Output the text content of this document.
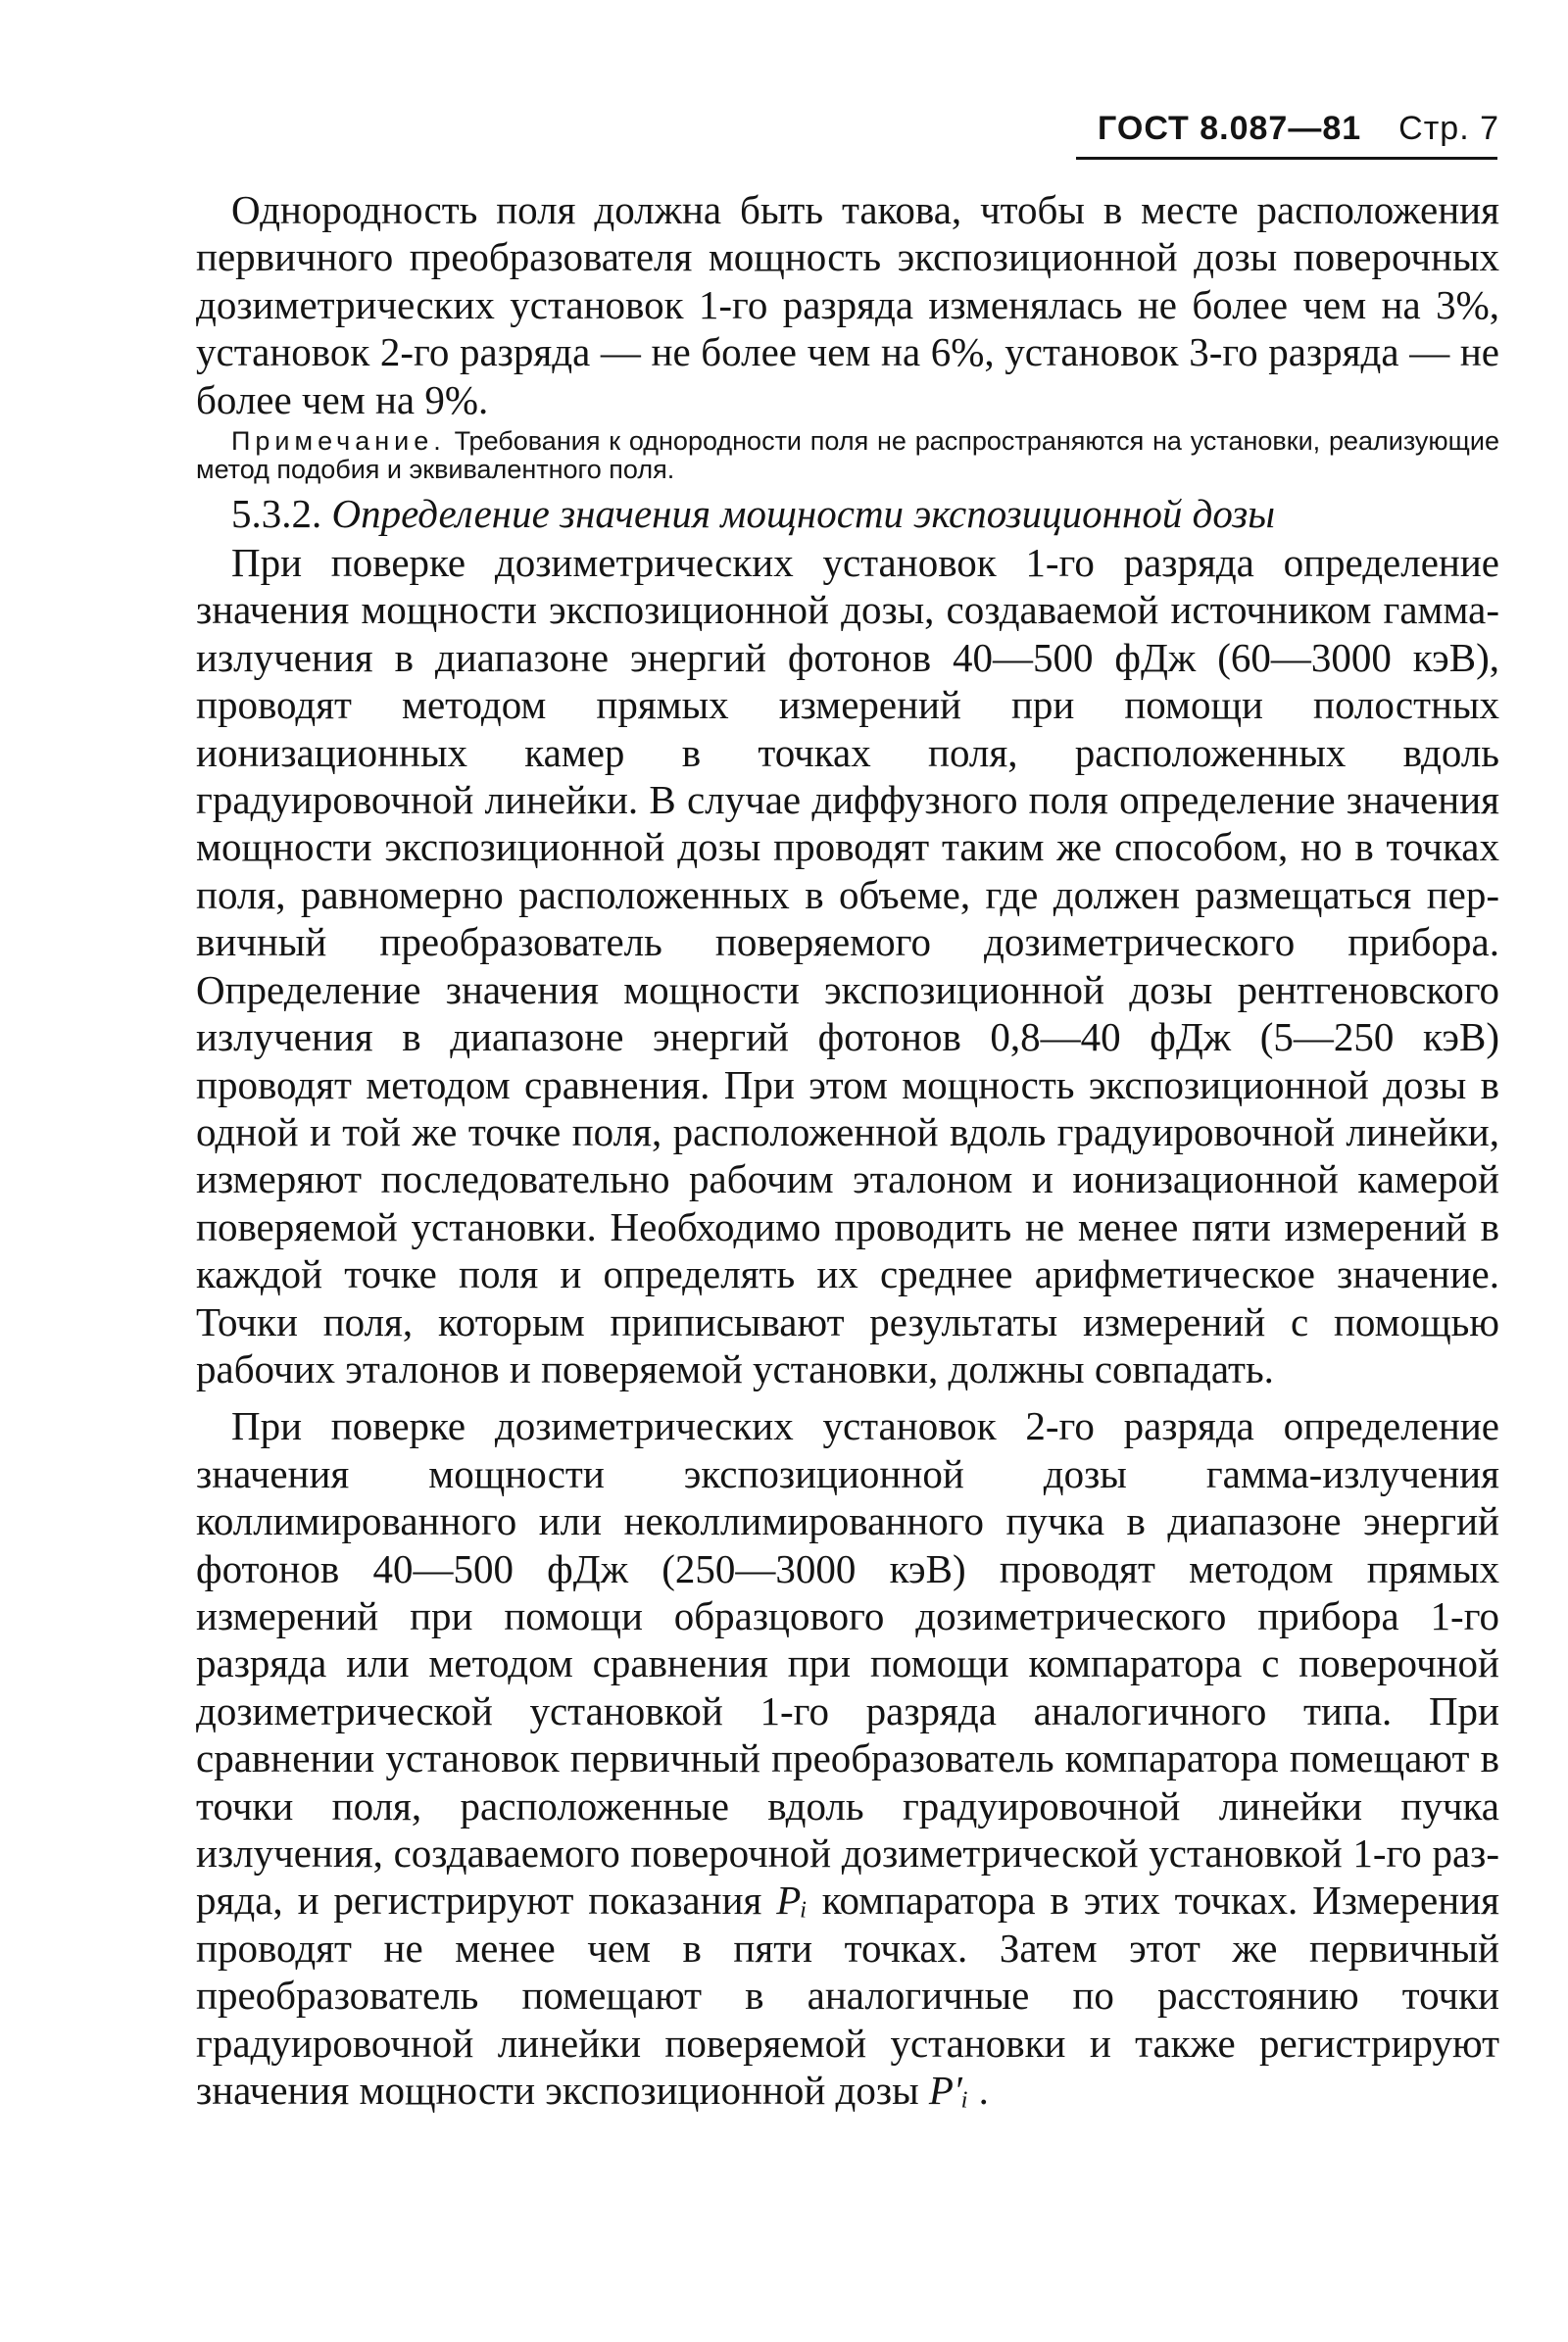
ГОСТ 8.087—81 Стр. 7

Однородность поля должна быть такова, чтобы в месте расположения первичного преобразователя мощность экспозиционной дозы поверочных дозиметрических установок 1-го разряда изменялась не более чем на 3%, установок 2-го разряда — не более чем на 6%, установок 3-го разряда — не более чем на 9%.

Примечание. Требования к однородности поля не распространяются на установки, реализующие метод подобия и эквивалентного поля.

5.3.2. Определение значения мощности экспозиционной дозы

При поверке дозиметрических установок 1-го разряда определение значения мощности экспозиционной дозы, создаваемой источником гамма-излучения в диапазоне энергий фотонов 40—500 фДж (60—3000 кэВ), проводят методом прямых измерений при помощи полостных ионизационных камер в точках поля, расположенных вдоль градуировочной линейки. В случае диффузного поля определение значения мощности экспозиционной дозы проводят таким же способом, но в точках поля, равномерно расположенных в объеме, где должен размещаться первичный преобразователь поверяемого дозиметрического прибора. Определение значения мощности экспозиционной дозы рентгеновского излучения в диапазоне энергий фотонов 0,8—40 фДж (5—250 кэВ) проводят методом сравнения. При этом мощность экспозиционной дозы в одной и той же точке поля, расположенной вдоль градуировочной линейки, измеряют последовательно рабочим эталоном и ионизационной камерой поверяемой установки. Необходимо проводить не менее пяти измерений в каждой точке поля и определять их среднее арифметическое значение. Точки поля, которым приписывают результаты измерений с помощью рабочих эталонов и поверяемой установки, должны совпадать.

При поверке дозиметрических установок 2-го разряда определение значения мощности экспозиционной дозы гамма-излучения коллимированного или неколлимированного пучка в диапазоне энергий фотонов 40—500 фДж (250—3000 кэВ) проводят методом прямых измерений при помощи образцового дозиметрического прибора 1-го разряда или методом сравнения при помощи компаратора с поверочной дозиметрической установкой 1-го разряда аналогичного типа. При сравнении установок первичный преобразователь компаратора помещают в точки поля, расположенные вдоль градуировочной линейки пучка излучения, создаваемого поверочной дозиметрической установкой 1-го разряда, и регистрируют показания Pᵢ компаратора в этих точках. Измерения проводят не менее чем в пяти точках. Затем этот же первичный преобразователь помещают в аналогичные по расстоянию точки градуировочной линейки поверяемой установки и также регистрируют значения мощности экспозиционной дозы P′ᵢ .
